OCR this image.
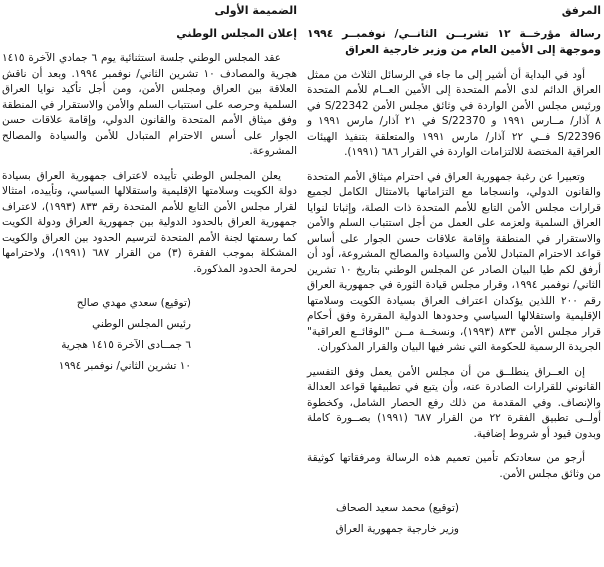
المرفق
رسالة مؤرخــة ١٢ تشريــن الثانــي/ نوفمبــر ١٩٩٤ وموجهة إلى الأمين العام من وزير خارجية العراق

أود في البداية أن أشير إلى ما جاء في الرسائل الثلاث من ممثل العراق الدائم لدى الأمم المتحدة إلى الأمين العــام للأمم المتحدة ورئيس مجلس الأمن الواردة في وثائق مجلس الأمن S/22342 في ٨ آذار/ مــارس ١٩٩١ و S/22370 في ٢١ آذار/ مارس ١٩٩١ و S/22396 فــي ٢٢ آذار/ مارس ١٩٩١ والمتعلقة بتنفيذ الهيئات العراقية المختصة للالتزامات الواردة في القرار ٦٨٦ (١٩٩١).

وتعبيرا عن رغبة جمهورية العراق في احترام ميثاق الأمم المتحدة والقانون الدولي، وانسجاما مع التزاماتها بالامتثال الكامل لجميع قرارات مجلس الأمن التابع للأمم المتحدة ذات الصلة، وإثباتا لنوايا العراق السلمية ولعزمه على العمل من أجل استتباب السلم والأمن والاستقرار في المنطقة وإقامة علاقات حسن الجوار على أساس قواعد الاحترام المتبادل للأمن والسيادة والمصالح المشروعة، أود أن أرفق لكم طيا البيان الصادر عن المجلس الوطني بتاريخ ١٠ تشرين الثاني/ نوفمبر ١٩٩٤، وقرار مجلس قيادة الثورة في جمهورية العراق رقم ٢٠٠ اللذين يؤكدان اعتراف العراق بسيادة الكويت وسلامتها الإقليمية واستقلالها السياسي وحدودها الدولية المقررة وفق أحكام قرار مجلس الأمن ٨٣٣ (١٩٩٣)، ونسخــة مــن "الوقائــع العراقية" الجريدة الرسمية للحكومة التي نشر فيها البيان والقرار المذكوران.

إن العــراق ينطلــق من أن مجلس الأمن يعمل وفق التفسير القانوني للقرارات الصادرة عنه، وأن يتبع في تطبيقها قواعد العدالة والإنصاف. وفي المقدمة من ذلك رفع الحصار الشامل، وكخطوة أولــى تطبيق الفقرة ٢٢ من القرار ٦٨٧ (١٩٩١) بصــورة كاملة وبدون قيود أو شروط إضافية.

أرجو من سعادتكم تأمين تعميم هذه الرسالة ومرفقاتها كوثيقة من وثائق مجلس الأمن.

(توقيع) محمد سعيد الصحاف
وزير خارجية جمهورية العراق
الضميمة الأولى
إعلان المجلس الوطني

عقد المجلس الوطني جلسة استثنائية يوم ٦ جمادي الآخرة ١٤١٥ هجرية والمصادف ١٠ تشرين الثاني/ نوفمبر ١٩٩٤. وبعد أن ناقش العلاقة بين العراق ومجلس الأمن، ومن أجل تأكيد نوايا العراق السلمية وحرصه على استتباب السلم والأمن والاستقرار في المنطقة وفق ميثاق الأمم المتحدة والقانون الدولي، وإقامة علاقات حسن الجوار على أسس الاحترام المتبادل للأمن والسيادة والمصالح المشروعة.

يعلن المجلس الوطني تأييده لاعتراف جمهورية العراق بسيادة دولة الكويت وسلامتها الإقليمية واستقلالها السياسي، وتأييده، امتثالا لقرار مجلس الأمن التابع للأمم المتحدة رقم ٨٣٣ (١٩٩٣)، لاعتراف جمهورية العراق بالحدود الدولية بين جمهورية العراق ودولة الكويت كما رسمتها لجنة الأمم المتحدة لترسيم الحدود بين العراق والكويت المشكلة بموجب الفقرة (٣) من القرار ٦٨٧ (١٩٩١)، ولاحترامها لحرمة الحدود المذكورة.

(توقيع) سعدي مهدي صالح
رئيس المجلس الوطني
٦ جمــادى الآخرة ١٤١٥ هجرية
١٠ تشرين الثاني/ نوفمبر ١٩٩٤
